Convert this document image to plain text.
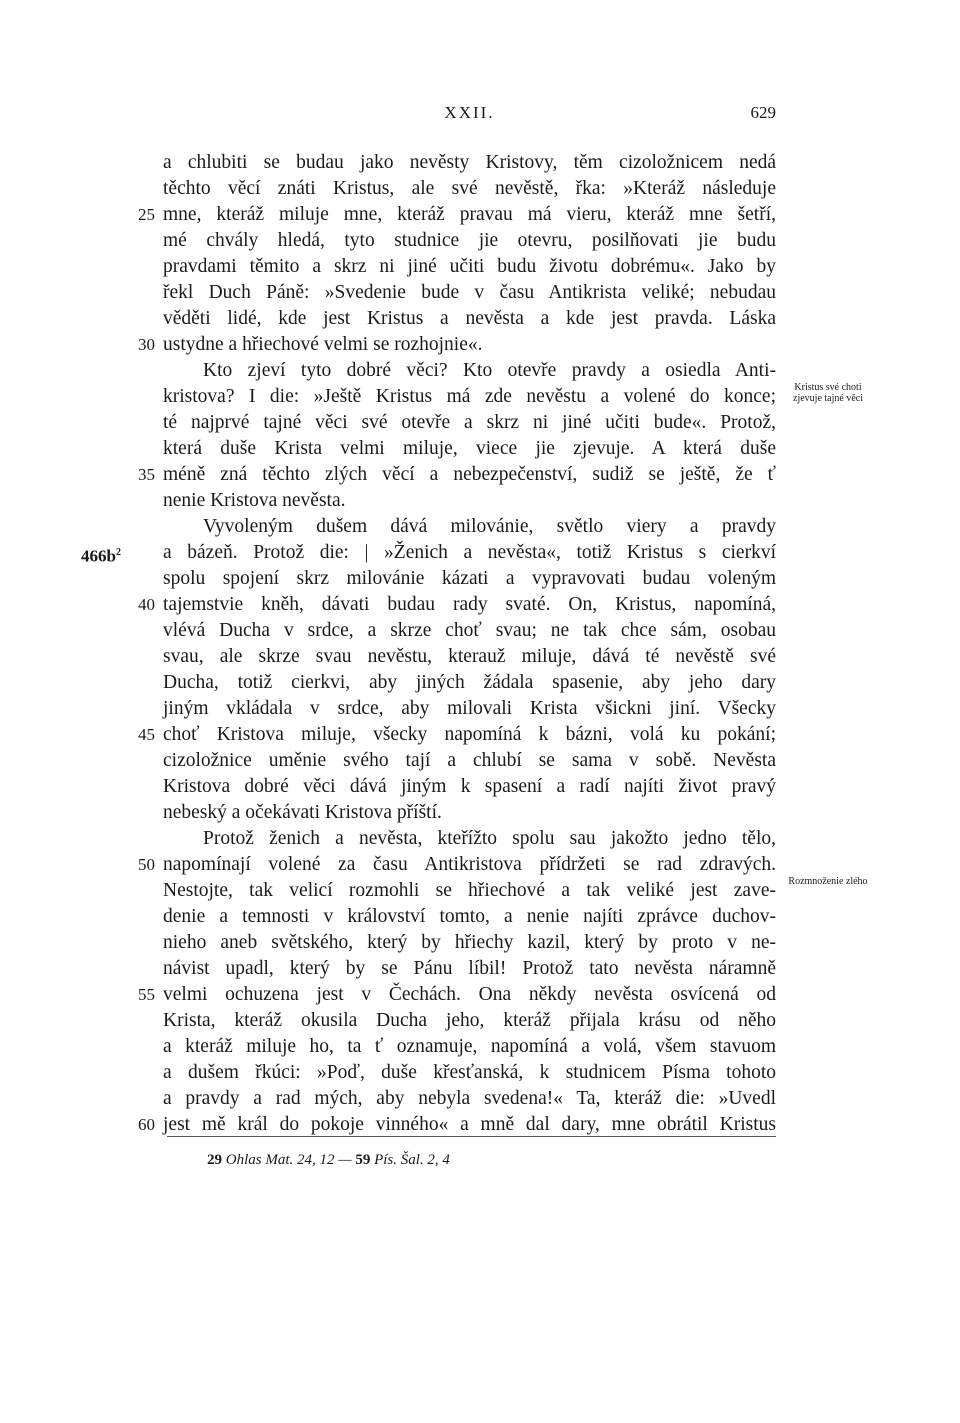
XXII.	629
a chlubiti se budau jako nevěsty Kristovy, těm cizoložnicem nedá
těchto věcí znáti Kristus, ale své nevěstě, řka: »Kteráž následuje
mne, kteráž miluje mne, kteráž pravau má vieru, kteráž mne šetří,
25
mé chvály hledá, tyto studnice jie otevru, posilňovati jie budu
pravdami těmito a skrz ni jiné učiti budu životu dobrému«. Jako by
řekl Duch Páně: »Svedenie bude v času Antikrista veliké; nebudau
věděti lidé, kde jest Kristus a nevěsta a kde jest pravda. Láska
ustydne a hřiechové velmi se rozhojnie«.
30
Kto zjeví tyto dobré věci? Kto otevře pravdy a osiedla Anti-
kristova? I die: »Ještě Kristus má zde nevěstu a volené do konce;	Kristus své choti zjevuje tajné věci
té najprvé tajné věci své otevře a skrz ni jiné učiti bude«. Protož,
která duše Krista velmi miluje, viece jie zjevuje. A která duše
méně zná těchto zlých věcí a nebezpečenství, sudiž se ještě, že ť
35
nenie Kristova nevěsta.
Vyvoleným dušem dává milovánie, světlo viery a pravdy
a bázeň. Protož die: | »Ženich a nevěsta«, totiž Kristus s cierkví
$466b^2$
spolu spojení skrz milovánie kázati a vypravovati budau voleným
tajemstvie kněh, dávati budau rady svaté. On, Kristus, napomíná,
40
vlévá Ducha v srdce, a skrze choť svau; ne tak chce sám, osobau
svau, ale skrze svau nevěstu, kterauž miluje, dává té nevěstě své
Ducha, totiž cierkvi, aby jiných žádala spasenie, aby jeho dary
jiným vkládala v srdce, aby milovali Krista všickni jiní. Všecky
choť Kristova miluje, všecky napomíná k bázni, volá ku pokání;
45
cizoložnice uměnie svého tají a chlubí se sama v sobě. Nevěsta
Kristova dobré věci dává jiným k spasení a radí najíti život pravý
nebeský a očekávati Kristova příští.
Protož ženich a nevěsta, kteřížto spolu sau jakožto jedno tělo,
napomínají volené za času Antikristova přídržeti se rad zdravých.
50
Nestojte, tak velicí rozmohli se hřiechové a tak veliké jest zave-	Rozmnoženie zlého
denie a temnosti v království tomto, a nenie najíti zprávce duchov-
nieho aneb světského, který by hřiechy kazil, který by proto v ne-
návist upadl, který by se Pánu líbil! Protož tato nevěsta náramně
velmi ochuzena jest v Čechách. Ona někdy nevěsta osvícená od
55
Krista, kteráž okusila Ducha jeho, kteráž přijala krásu od něho
a kteráž miluje ho, ta ť oznamuje, napomíná a volá, všem stavuom
a dušem řkúci: »Poď, duše křesťanská, k studnicem Písma tohoto
a pravdy a rad mých, aby nebyla svedena!« Ta, kteráž die: »Uvedl
jest mě král do pokoje vinného« a mně dal dary, mne obrátil Kristus
60
29 Ohlas Mat. 24, 12 — 59 Pís. Šal. 2, 4
